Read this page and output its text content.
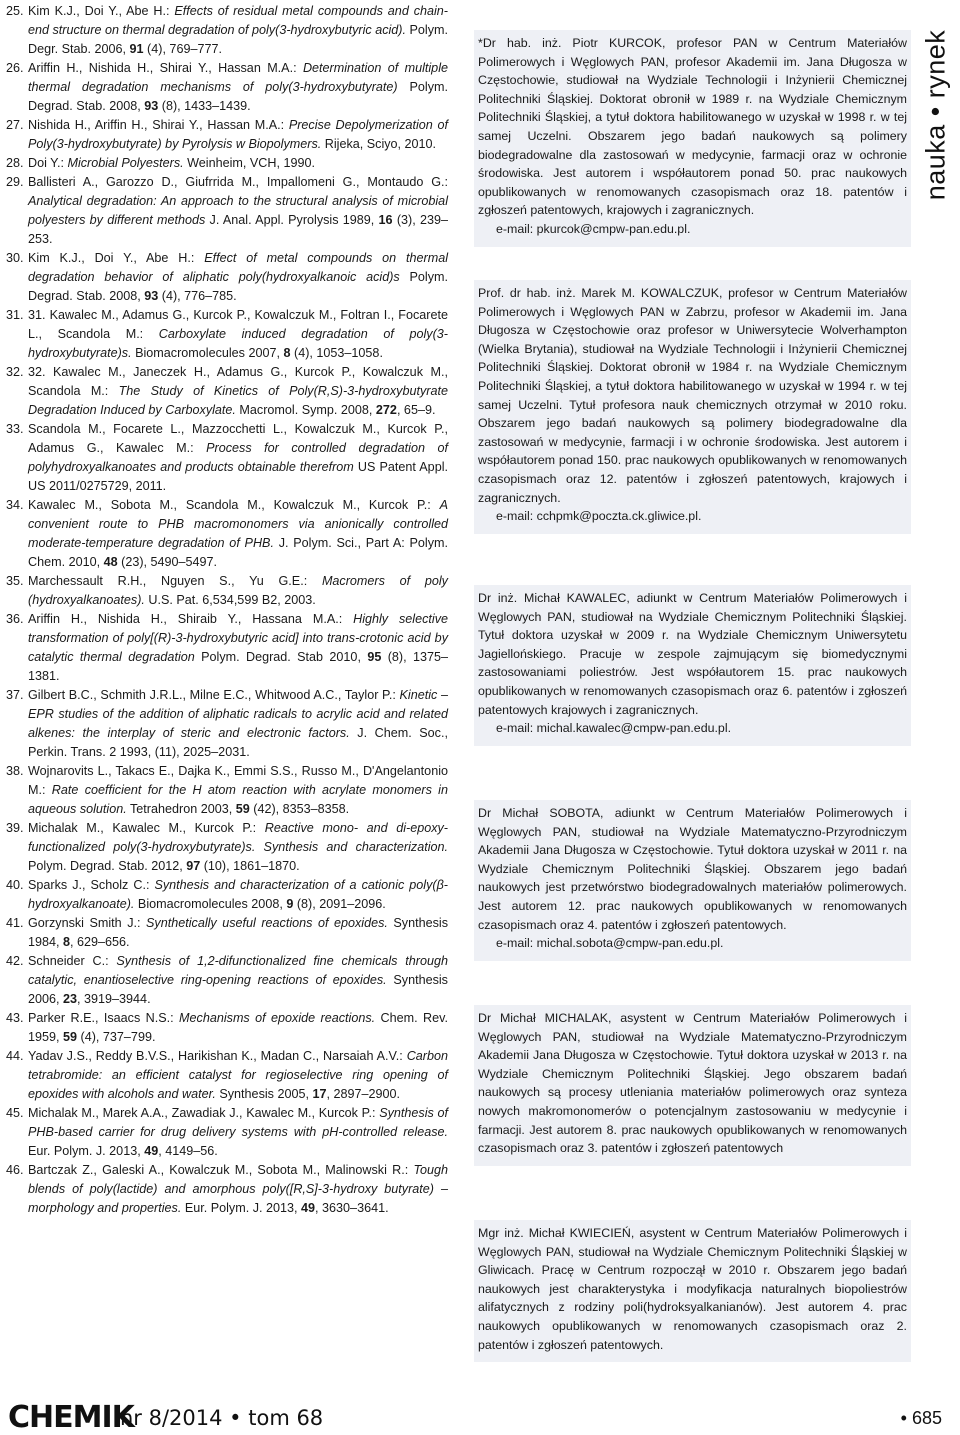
25. Kim K.J., Doi Y., Abe H.: Effects of residual metal compounds and chain-end structure on thermal degradation of poly(3-hydroxybutyric acid). Polym. Degr. Stab. 2006, 91 (4), 769–777.
26. Ariffin H., Nishida H., Shirai Y., Hassan M.A.: Determination of multiple thermal degradation mechanisms of poly(3-hydroxybutyrate) Polym. Degrad. Stab. 2008, 93 (8), 1433–1439.
27. Nishida H., Ariffin H., Shirai Y., Hassan M.A.: Precise Depolymerization of Poly(3-hydroxybutyrate) by Pyrolysis w Biopolymers. Rijeka, Sciyo, 2010.
28. Doi Y.: Microbial Polyesters. Weinheim, VCH, 1990.
29. Ballisteri A., Garozzo D., Giufrrida M., Impallomeni G., Montaudo G.: Analytical degradation: An approach to the structural analysis of microbial polyesters by different methods J. Anal. Appl. Pyrolysis 1989, 16 (3), 239–253.
30. Kim K.J., Doi Y., Abe H.: Effect of metal compounds on thermal degradation behavior of aliphatic poly(hydroxyalkanoic acid)s Polym. Degrad. Stab. 2008, 93 (4), 776–785.
31. 31. Kawalec M., Adamus G., Kurcok P., Kowalczuk M., Foltran I., Focarete L., Scandola M.: Carboxylate induced degradation of poly(3-hydroxybutyrate)s. Biomacromolecules 2007, 8 (4), 1053–1058.
32. 32. Kawalec M., Janeczek H., Adamus G., Kurcok P., Kowalczuk M., Scandola M.: The Study of Kinetics of Poly(R,S)-3-hydroxybutyrate Degradation Induced by Carboxylate. Macromol. Symp. 2008, 272, 65–9.
33. Scandola M., Focarete L., Mazzocchetti L., Kowalczuk M., Kurcok P., Adamus G., Kawalec M.: Process for controlled degradation of polyhydroxyalkanoates and products obtainable therefrom US Patent Appl. US 2011/0275729, 2011.
34. Kawalec M., Sobota M., Scandola M., Kowalczuk M., Kurcok P.: A convenient route to PHB macromonomers via anionically controlled moderate-temperature degradation of PHB. J. Polym. Sci., Part A: Polym. Chem. 2010, 48 (23), 5490–5497.
35. Marchessault R.H., Nguyen S., Yu G.E.: Macromers of poly (hydroxyalkanoates). U.S. Pat. 6,534,599 B2, 2003.
36. Ariffin H., Nishida H., Shiraib Y., Hassana M.A.: Highly selective transformation of poly[(R)-3-hydroxybutyric acid] into trans-crotonic acid by catalytic thermal degradation Polym. Degrad. Stab 2010, 95 (8), 1375–1381.
37. Gilbert B.C., Schmith J.R.L., Milne E.C., Whitwood A.C., Taylor P.: Kinetic – EPR studies of the addition of aliphatic radicals to acrylic acid and related alkenes: the interplay of steric and electronic factors. J. Chem. Soc., Perkin. Trans. 2 1993, (11), 2025–2031.
38. Wojnarovits L., Takacs E., Dajka K., Emmi S.S., Russo M., D'Angelantonio M.: Rate coefficient for the H atom reaction with acrylate monomers in aqueous solution. Tetrahedron 2003, 59 (42), 8353–8358.
39. Michalak M., Kawalec M., Kurcok P.: Reactive mono- and di-epoxy-functionalized poly(3-hydroxybutyrate)s. Synthesis and characterization. Polym. Degrad. Stab. 2012, 97 (10), 1861–1870.
40. Sparks J., Scholz C.: Synthesis and characterization of a cationic poly(β-hydroxyalkanoate). Biomacromolecules 2008, 9 (8), 2091–2096.
41. Gorzynski Smith J.: Synthetically useful reactions of epoxides. Synthesis 1984, 8, 629–656.
42. Schneider C.: Synthesis of 1,2-difunctionalized fine chemicals through catalytic, enantioselective ring-opening reactions of epoxides. Synthesis 2006, 23, 3919–3944.
43. Parker R.E., Isaacs N.S.: Mechanisms of epoxide reactions. Chem. Rev. 1959, 59 (4), 737–799.
44. Yadav J.S., Reddy B.V.S., Harikishan K., Madan C., Narsaiah A.V.: Carbon tetrabromide: an efficient catalyst for regioselective ring opening of epoxides with alcohols and water. Synthesis 2005, 17, 2897–2900.
45. Michalak M., Marek A.A., Zawadiak J., Kawalec M., Kurcok P.: Synthesis of PHB-based carrier for drug delivery systems with pH-controlled release. Eur. Polym. J. 2013, 49, 4149–56.
46. Bartczak Z., Galeski A., Kowalczuk M., Sobota M., Malinowski R.: Tough blends of poly(lactide) and amorphous poly([R,S]-3-hydroxy butyrate) – morphology and properties. Eur. Polym. J. 2013, 49, 3630–3641.

*Dr hab. inż. Piotr KURCOK, profesor PAN w Centrum Materiałów Polimerowych i Węglowych PAN, profesor Akademii im. Jana Długosza w Częstochowie, studiował na Wydziale Technologii i Inżynierii Chemicznej Politechniki Śląskiej. Doktorat obronił w 1989 r. na Wydziale Chemicznym Politechniki Śląskiej, a tytuł doktora habilitowanego w uzyskał w 1998 r. w tej samej Uczelni. Obszarem jego badań naukowych są polimery biodegradowalne dla zastosowań w medycynie, farmacji oraz w ochronie środowiska. Jest autorem i współautorem ponad 50. prac naukowych opublikowanych w renomowanych czasopismach oraz 18. patentów i zgłoszeń patentowych, krajowych i zagranicznych.

e-mail: pkurcok@cmpw-pan.edu.pl.

Prof. dr hab. inż. Marek M. KOWALCZUK, profesor w Centrum Materiałów Polimerowych i Węglowych PAN w Zabrzu, profesor w Akademii im. Jana Długosza w Częstochowie oraz profesor w Uniwersytecie Wolverhampton (Wielka Brytania), studiował na Wydziale Technologii i Inżynierii Chemicznej Politechniki Śląskiej. Doktorat obronił w 1984 r. na Wydziale Chemicznym Politechniki Śląskiej, a tytuł doktora habilitowanego w uzyskał w 1994 r. w tej samej Uczelni. Tytuł profesora nauk chemicznych otrzymał w 2010 roku. Obszarem jego badań naukowych są polimery biodegradowalne dla zastosowań w medycynie, farmacji i w ochronie środowiska. Jest autorem i współautorem ponad 150. prac naukowych opublikowanych w renomowanych czasopismach oraz 12. patentów i zgłoszeń patentowych, krajowych i zagranicznych.

e-mail: cchpmk@poczta.ck.gliwice.pl.

Dr inż. Michał KAWALEC, adiunkt w Centrum Materiałów Polimerowych i Węglowych PAN, studiował na Wydziale Chemicznym Politechniki Śląskiej. Tytuł doktora uzyskał w 2009 r. na Wydziale Chemicznym Uniwersytetu Jagiellońskiego. Pracuje w zespole zajmującym się biomedycznymi zastosowaniami poliestrów. Jest współautorem 15. prac naukowych opublikowanych w renomowanych czasopismach oraz 6. patentów i zgłoszeń patentowych krajowych i zagranicznych.

e-mail: michal.kawalec@cmpw-pan.edu.pl.

Dr Michał SOBOTA, adiunkt w Centrum Materiałów Polimerowych i Węglowych PAN, studiował na Wydziale Matematyczno-Przyrodniczym Akademii Jana Długosza w Częstochowie. Tytuł doktora uzyskał w 2011 r. na Wydziale Chemicznym Politechniki Śląskiej. Obszarem jego badań naukowych jest przetwórstwo biodegradowalnych materiałów polimerowych. Jest autorem 12. prac naukowych opublikowanych w renomowanych czasopismach oraz 4. patentów i zgłoszeń patentowych.

e-mail: michal.sobota@cmpw-pan.edu.pl.

Dr Michał MICHALAK, asystent w Centrum Materiałów Polimerowych i Węglowych PAN, studiował na Wydziale Matematyczno-Przyrodniczym Akademii Jana Długosza w Częstochowie. Tytuł doktora uzyskał w 2013 r. na Wydziale Chemicznym Politechniki Śląskiej. Jego obszarem badań naukowych są procesy utleniania materiałów polimerowych oraz synteza nowych makromonomerów o potencjalnym zastosowaniu w medycynie i farmacji. Jest autorem 8. prac naukowych opublikowanych w renomowanych czasopismach oraz 3. patentów i zgłoszeń patentowych

Mgr inż. Michał KWIECIEŃ, asystent w Centrum Materiałów Polimerowych i Węglowych PAN, studiował na Wydziale Chemicznym Politechniki Śląskiej w Gliwicach. Pracę w Centrum rozpoczął w 2010 r. Obszarem jego badań naukowych jest charakterystyka i modyfikacja naturalnych biopoliestrów alifatycznych z rodziny poli(hydroksyalkanianów). Jest autorem 4. prac naukowych opublikowanych w renomowanych czasopismach oraz 2. patentów i zgłoszeń patentowych.

nauka • rynek
CHEMIK
nr 8/2014 • tom 68	• 685
